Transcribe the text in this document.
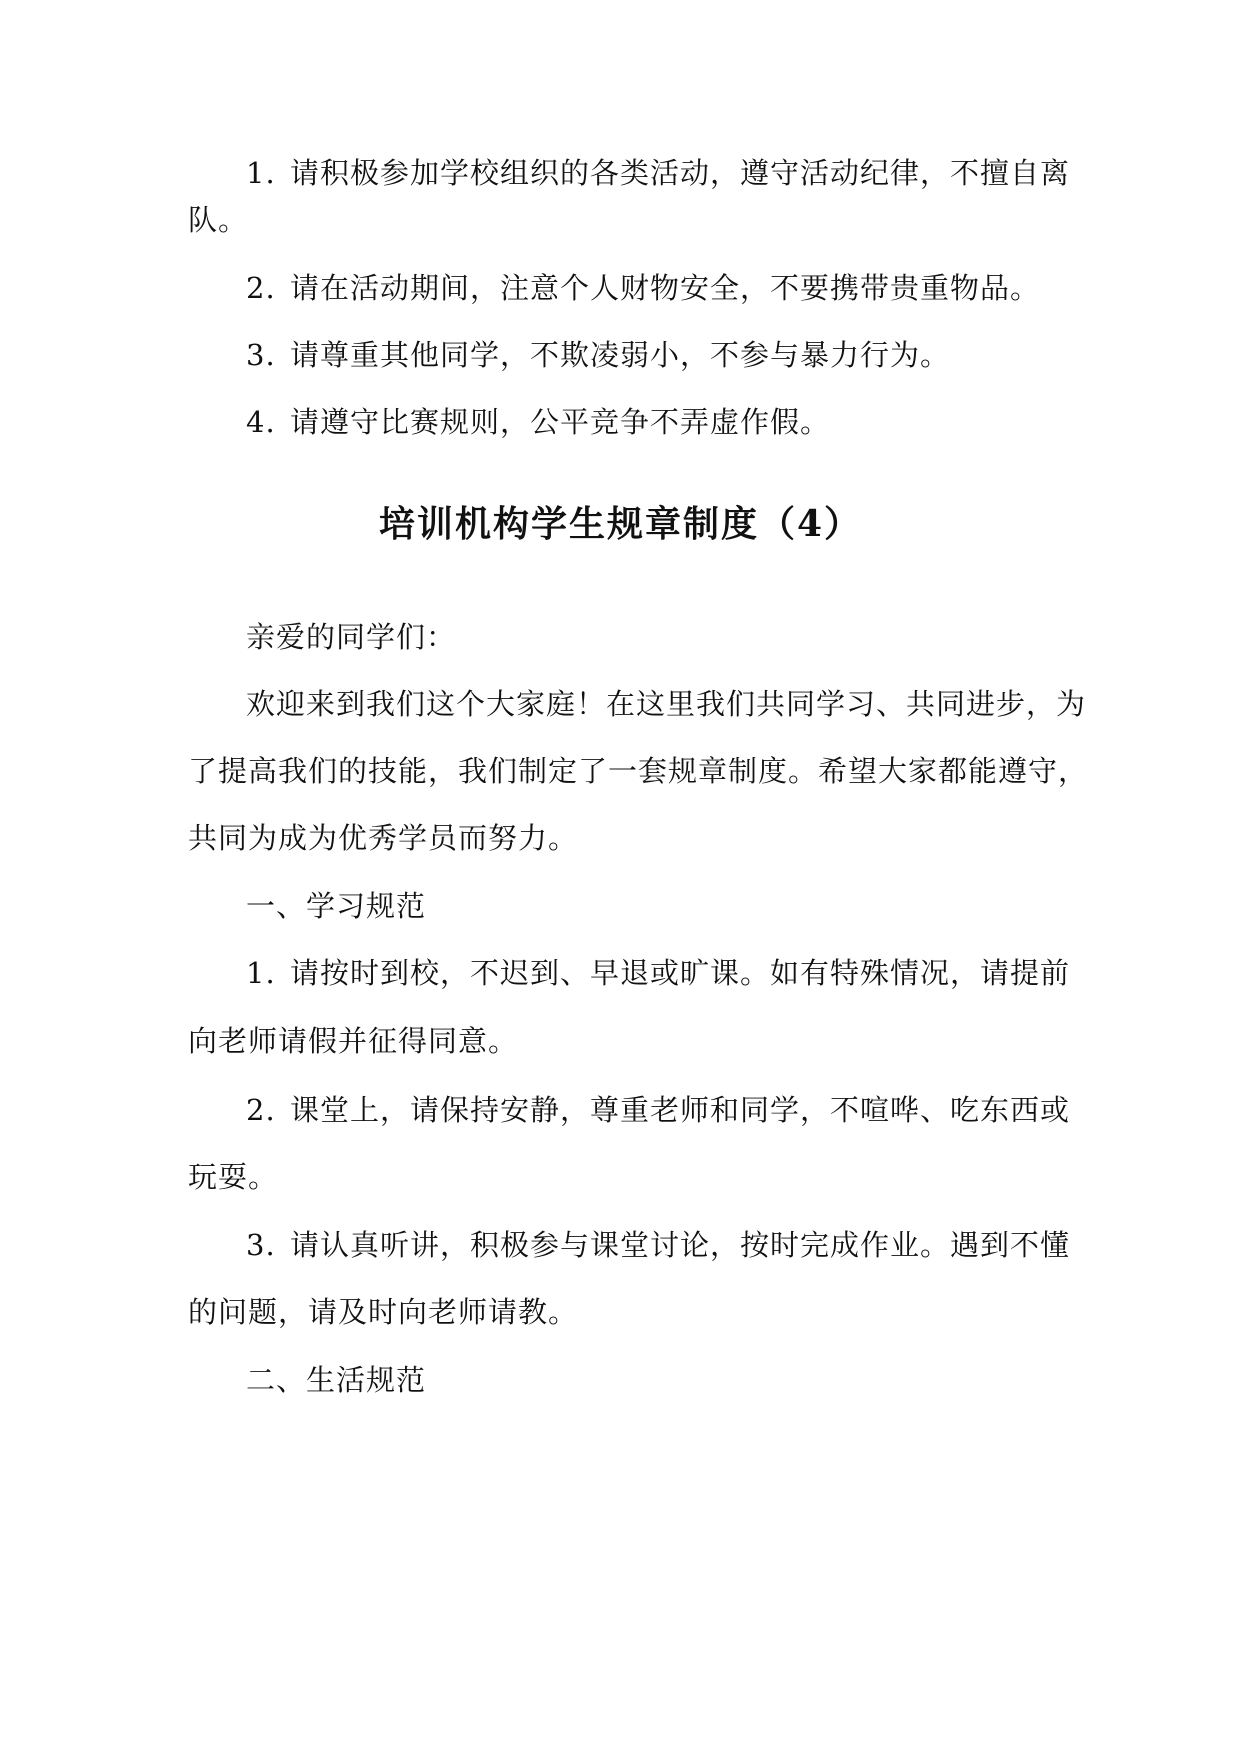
1. 请积极参加学校组织的各类活动，遵守活动纪律，不擅自离
队。
2. 请在活动期间，注意个人财物安全，不要携带贵重物品。
3. 请尊重其他同学，不欺凌弱小，不参与暴力行为。
4. 请遵守比赛规则，公平竞争不弄虚作假。
培训机构学生规章制度（4）
亲爱的同学们：
欢迎来到我们这个大家庭！在这里我们共同学习、共同进步，为
了提高我们的技能，我们制定了一套规章制度。希望大家都能遵守，
共同为成为优秀学员而努力。
一、学习规范
1. 请按时到校，不迟到、早退或旷课。如有特殊情况，请提前
向老师请假并征得同意。
2. 课堂上，请保持安静，尊重老师和同学，不喧哗、吃东西或
玩耍。
3. 请认真听讲，积极参与课堂讨论，按时完成作业。遇到不懂
的问题，请及时向老师请教。
二、生活规范
